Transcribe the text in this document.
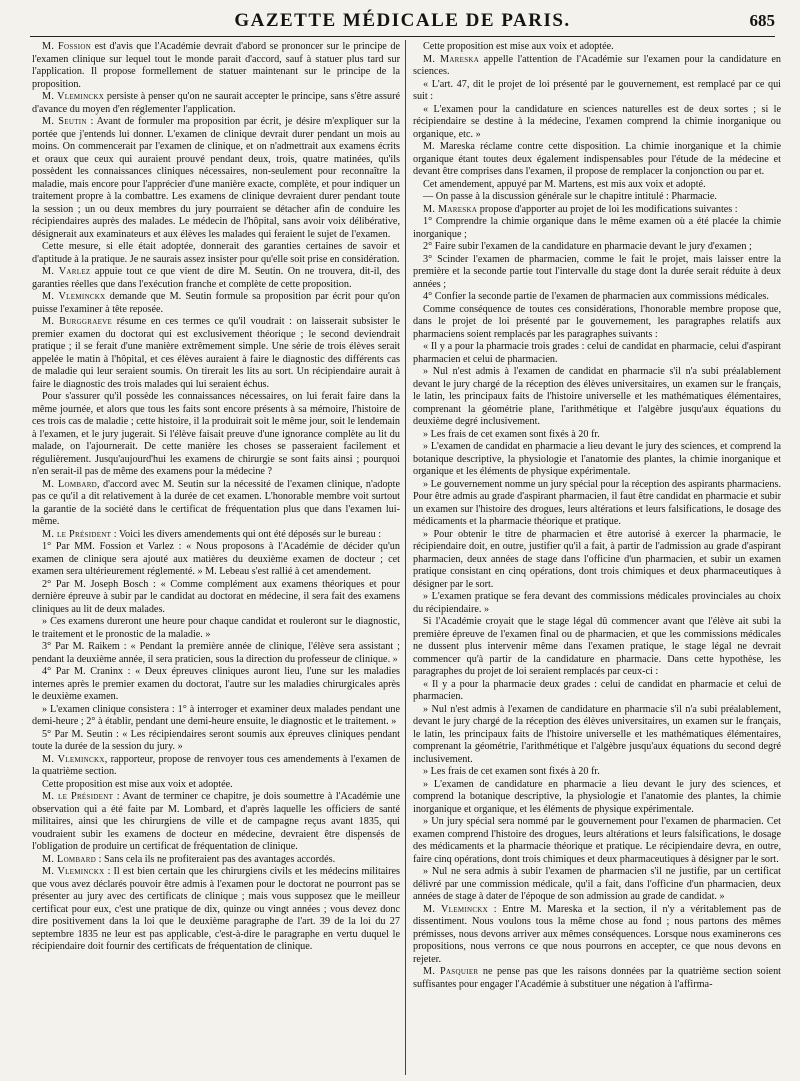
GAZETTE MÉDICALE DE PARIS.	685

M. Fossion est d'avis que l'Académie devrait d'abord se prononcer sur le principe de l'examen clinique sur lequel tout le monde parait d'accord, sauf à statuer plus tard sur l'application. Il propose formellement de statuer maintenant sur le principe de la proposition.

M. Vleminckx persiste à penser qu'on ne saurait accepter le principe, sans s'être assuré d'avance du moyen d'en réglementer l'application.

M. Seutin : Avant de formuler ma proposition par écrit, je désire m'expliquer sur la portée que j'entends lui donner. L'examen de clinique devrait durer pendant un mois au moins. On commencerait par l'examen de clinique, et on n'admettrait aux examens écrits et oraux que ceux qui auraient prouvé pendant deux, trois, quatre matinées, qu'ils possèdent les connaissances cliniques nécessaires, non-seulement pour reconnaître la maladie, mais encore pour l'apprécier d'une manière exacte, complète, et pour indiquer un traitement propre à la combattre. Les examens de clinique devraient durer pendant toute la session ; un ou deux membres du jury pourraient se détacher afin de conduire les récipiendaires auprès des malades. Le médecin de l'hôpital, sans avoir voix délibérative, désignerait aux examinateurs et aux élèves les malades qui feraient le sujet de l'examen.

Cette mesure, si elle était adoptée, donnerait des garanties certaines de savoir et d'aptitude à la pratique. Je ne saurais assez insister pour qu'elle soit prise en considération.

M. Varlez appuie tout ce que vient de dire M. Seutin. On ne trouvera, dit-il, des garanties réelles que dans l'exécution franche et complète de cette proposition.

M. Vleminckx demande que M. Seutin formule sa proposition par écrit pour qu'on puisse l'examiner à tête reposée.

M. Burggraeve résume en ces termes ce qu'il voudrait : on laisserait subsister le premier examen du doctorat qui est exclusivement théorique ; le second deviendrait pratique ; il se ferait d'une manière extrêmement simple. Une série de trois élèves serait appelée le matin à l'hôpital, et ces élèves auraient à faire le diagnostic des différents cas de maladie qui leur seraient soumis. On tirerait les lits au sort. Un récipiendaire aurait à faire le diagnostic des trois malades qui lui seraient échus.

Pour s'assurer qu'il possède les connaissances nécessaires, on lui ferait faire dans la même journée, et alors que tous les faits sont encore présents à sa mémoire, l'histoire de ces trois cas de maladie ; cette histoire, il la produirait soit le même jour, soit le lendemain à l'examen, et le jury jugerait. Si l'élève faisait preuve d'une ignorance complète au lit du malade, on l'ajournerait. De cette manière les choses se passeraient facilement et régulièrement. Jusqu'aujourd'hui les examens de chirurgie se sont faits ainsi ; pourquoi n'en serait-il pas de même des examens pour la médecine ?

M. Lombard, d'accord avec M. Seutin sur la nécessité de l'examen clinique, n'adopte pas ce qu'il a dit relativement à la durée de cet examen. L'honorable membre voit surtout la garantie de la société dans le certificat de fréquentation plus que dans l'examen lui-même.

M. le Président : Voici les divers amendements qui ont été déposés sur le bureau :

1° Par MM. Fossion et Varlez : « Nous proposons à l'Académie de décider qu'un examen de clinique sera ajouté aux matières du deuxième examen de docteur ; cet examen sera ultérieurement réglementé. » M. Lebeau s'est rallié à cet amendement.

2° Par M. Joseph Bosch : « Comme complément aux examens théoriques et pour dernière épreuve à subir par le candidat au doctorat en médecine, il sera fait des examens cliniques au lit de deux malades.

» Ces examens dureront une heure pour chaque candidat et rouleront sur le diagnostic, le traitement et le pronostic de la maladie. »

3° Par M. Raikem : « Pendant la première année de clinique, l'élève sera assistant ; pendant la deuxième année, il sera praticien, sous la direction du professeur de clinique. »

4° Par M. Craninx : « Deux épreuves cliniques auront lieu, l'une sur les maladies internes après le premier examen du doctorat, l'autre sur les maladies chirurgicales après le deuxième examen.

» L'examen clinique consistera : 1° à interroger et examiner deux malades pendant une demi-heure ; 2° à établir, pendant une demi-heure ensuite, le diagnostic et le traitement. »

5° Par M. Seutin : « Les récipiendaires seront soumis aux épreuves cliniques pendant toute la durée de la session du jury. »

M. Vleminckx, rapporteur, propose de renvoyer tous ces amendements à l'examen de la quatrième section.

Cette proposition est mise aux voix et adoptée.

M. le Président : Avant de terminer ce chapitre, je dois soumettre à l'Académie une observation qui a été faite par M. Lombard, et d'après laquelle les officiers de santé militaires, ainsi que les chirurgiens de ville et de campagne reçus avant 1835, qui voudraient subir les examens de docteur en médecine, devraient être dispensés de l'obligation de produire un certificat de fréquentation de clinique.

M. Lombard : Sans cela ils ne profiteraient pas des avantages accordés.

M. Vleminckx : Il est bien certain que les chirurgiens civils et les médecins militaires que vous avez déclarés pouvoir être admis à l'examen pour le doctorat ne pourront pas se présenter au jury avec des certificats de clinique ; mais vous supposez que le meilleur certificat pour eux, c'est une pratique de dix, quinze ou vingt années ; vous devez donc dire positivement dans la loi que le deuxième paragraphe de l'art. 39 de la loi du 27 septembre 1835 ne leur est pas applicable, c'est-à-dire le paragraphe en vertu duquel le récipiendaire doit fournir des certificats de fréquentation de clinique.

Cette proposition est mise aux voix et adoptée.

M. Mareska appelle l'attention de l'Académie sur l'examen pour la candidature en sciences.

« L'art. 47, dit le projet de loi présenté par le gouvernement, est remplacé par ce qui suit :

« L'examen pour la candidature en sciences naturelles est de deux sortes ; si le récipiendaire se destine à la médecine, l'examen comprend la chimie inorganique ou organique, etc. »

M. Mareska réclame contre cette disposition. La chimie inorganique et la chimie organique étant toutes deux également indispensables pour l'étude de la médecine et devant être comprises dans l'examen, il propose de remplacer la conjonction ou par et.

Cet amendement, appuyé par M. Martens, est mis aux voix et adopté.

— On passe à la discussion générale sur le chapitre intitulé : Pharmacie.

M. Mareska propose d'apporter au projet de loi les modifications suivantes :

1° Comprendre la chimie organique dans le même examen où a été placée la chimie inorganique ;

2° Faire subir l'examen de la candidature en pharmacie devant le jury d'examen ;

3° Scinder l'examen de pharmacien, comme le fait le projet, mais laisser entre la première et la seconde partie tout l'intervalle du stage dont la durée serait réduite à deux années ;

4° Confier la seconde partie de l'examen de pharmacien aux commissions médicales.

Comme conséquence de toutes ces considérations, l'honorable membre propose que, dans le projet de loi présenté par le gouvernement, les paragraphes relatifs aux pharmaciens soient remplacés par les paragraphes suivants :

« Il y a pour la pharmacie trois grades : celui de candidat en pharmacie, celui d'aspirant pharmacien et celui de pharmacien.

» Nul n'est admis à l'examen de candidat en pharmacie s'il n'a subi préalablement devant le jury chargé de la réception des élèves universitaires, un examen sur le français, le latin, les principaux faits de l'histoire universelle et les mathématiques élémentaires, comprenant la géométrie plane, l'arithmétique et l'algèbre jusqu'aux équations du deuxième degré inclusivement.

» Les frais de cet examen sont fixés à 20 fr.

» L'examen de candidat en pharmacie a lieu devant le jury des sciences, et comprend la botanique descriptive, la physiologie et l'anatomie des plantes, la chimie inorganique et organique et les éléments de physique expérimentale.

» Le gouvernement nomme un jury spécial pour la réception des aspirants pharmaciens. Pour être admis au grade d'aspirant pharmacien, il faut être candidat en pharmacie et subir un examen sur l'histoire des drogues, leurs altérations et leurs falsifications, le dosage des médicaments et la pharmacie théorique et pratique.

» Pour obtenir le titre de pharmacien et être autorisé à exercer la pharmacie, le récipiendaire doit, en outre, justifier qu'il a fait, à partir de l'admission au grade d'aspirant pharmacien, deux années de stage dans l'officine d'un pharmacien, et subir un examen pratique consistant en cinq opérations, dont trois chimiques et deux pharmaceutiques à désigner par le sort.

» L'examen pratique se fera devant des commissions médicales provinciales au choix du récipiendaire. »

Si l'Académie croyait que le stage légal dû commencer avant que l'élève ait subi la première épreuve de l'examen final ou de pharmacien, et que les commissions médicales ne dussent plus intervenir même dans l'examen pratique, le stage légal ne devrait commencer qu'à partir de la candidature en pharmacie. Dans cette hypothèse, les paragraphes du projet de loi seraient remplacés par ceux-ci :

« Il y a pour la pharmacie deux grades : celui de candidat en pharmacie et celui de pharmacien.

» Nul n'est admis à l'examen de candidature en pharmacie s'il n'a subi préalablement, devant le jury chargé de la réception des élèves universitaires, un examen sur le français, le latin, les principaux faits de l'histoire universelle et les mathématiques élémentaires, comprenant la géométrie, l'arithmétique et l'algèbre jusqu'aux équations du second degré inclusivement.

» Les frais de cet examen sont fixés à 20 fr.

» L'examen de candidature en pharmacie a lieu devant le jury des sciences, et comprend la botanique descriptive, la physiologie et l'anatomie des plantes, la chimie inorganique et organique, et les éléments de physique expérimentale.

» Un jury spécial sera nommé par le gouvernement pour l'examen de pharmacien. Cet examen comprend l'histoire des drogues, leurs altérations et leurs falsifications, le dosage des médicaments et la pharmacie théorique et pratique. Le récipiendaire devra, en outre, faire cinq opérations, dont trois chimiques et deux pharmaceutiques à désigner par le sort.

» Nul ne sera admis à subir l'examen de pharmacien s'il ne justifie, par un certificat délivré par une commission médicale, qu'il a fait, dans l'officine d'un pharmacien, deux années de stage à dater de l'époque de son admission au grade de candidat. »

M. Vleminckx : Entre M. Mareska et la section, il n'y a véritablement pas de dissentiment. Nous voulons tous la même chose au fond ; nous partons des mêmes prémisses, nous devons arriver aux mêmes conséquences. Lorsque nous examinerons ces propositions, nous verrons ce que nous pourrons en accepter, ce que nous devons en rejeter.

M. Pasquier ne pense pas que les raisons données par la quatrième section soient suffisantes pour engager l'Académie à substituer une négation à l'affirma-
